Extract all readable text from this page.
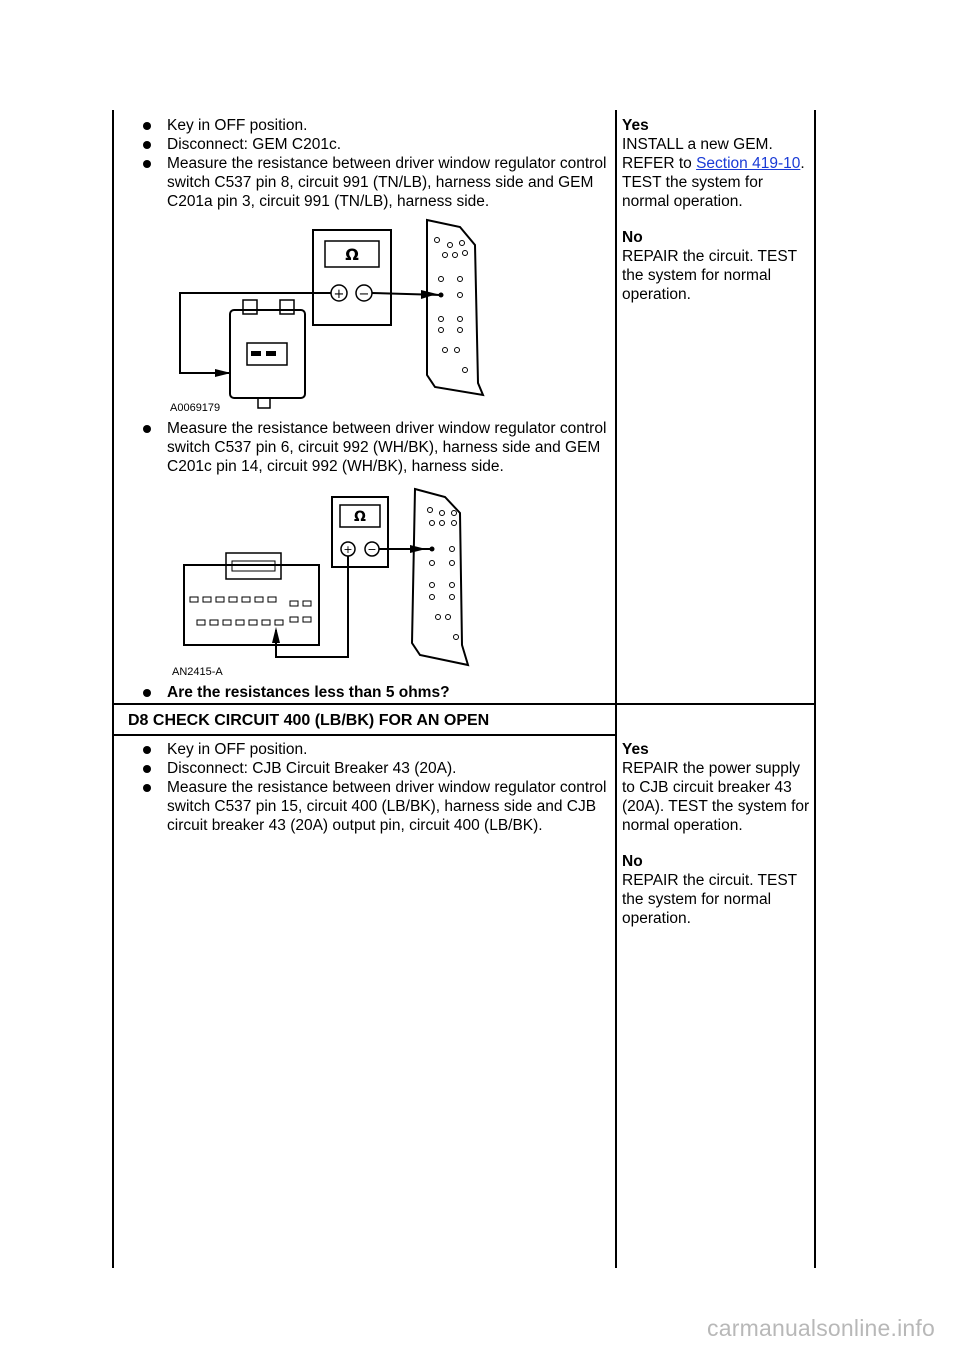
Key in OFF position.
Disconnect: GEM C201c.
Measure the resistance between driver window regulator control switch C537 pin 8, circuit 991 (TN/LB), harness side and GEM C201a pin 3, circuit 991 (TN/LB), harness side.
Ω
+ −
A0069179
Measure the resistance between driver window regulator control switch C537 pin 6, circuit 992 (WH/BK), harness side and GEM C201c pin 14, circuit 992 (WH/BK), harness side.
Ω
+ −
AN2415-A
Are the resistances less than 5 ohms?
Yes
INSTALL a new GEM. REFER to Section 419-10. TEST the system for normal operation.
No
REPAIR the circuit. TEST the system for normal operation.
D8 CHECK CIRCUIT 400 (LB/BK) FOR AN OPEN
Key in OFF position.
Disconnect: CJB Circuit Breaker 43 (20A).
Measure the resistance between driver window regulator control switch C537 pin 15, circuit 400 (LB/BK), harness side and CJB circuit breaker 43 (20A) output pin, circuit 400 (LB/BK).
Yes
REPAIR the power supply to CJB circuit breaker 43 (20A). TEST the system for normal operation.
No
REPAIR the circuit. TEST the system for normal operation.
carmanualsonline.info
